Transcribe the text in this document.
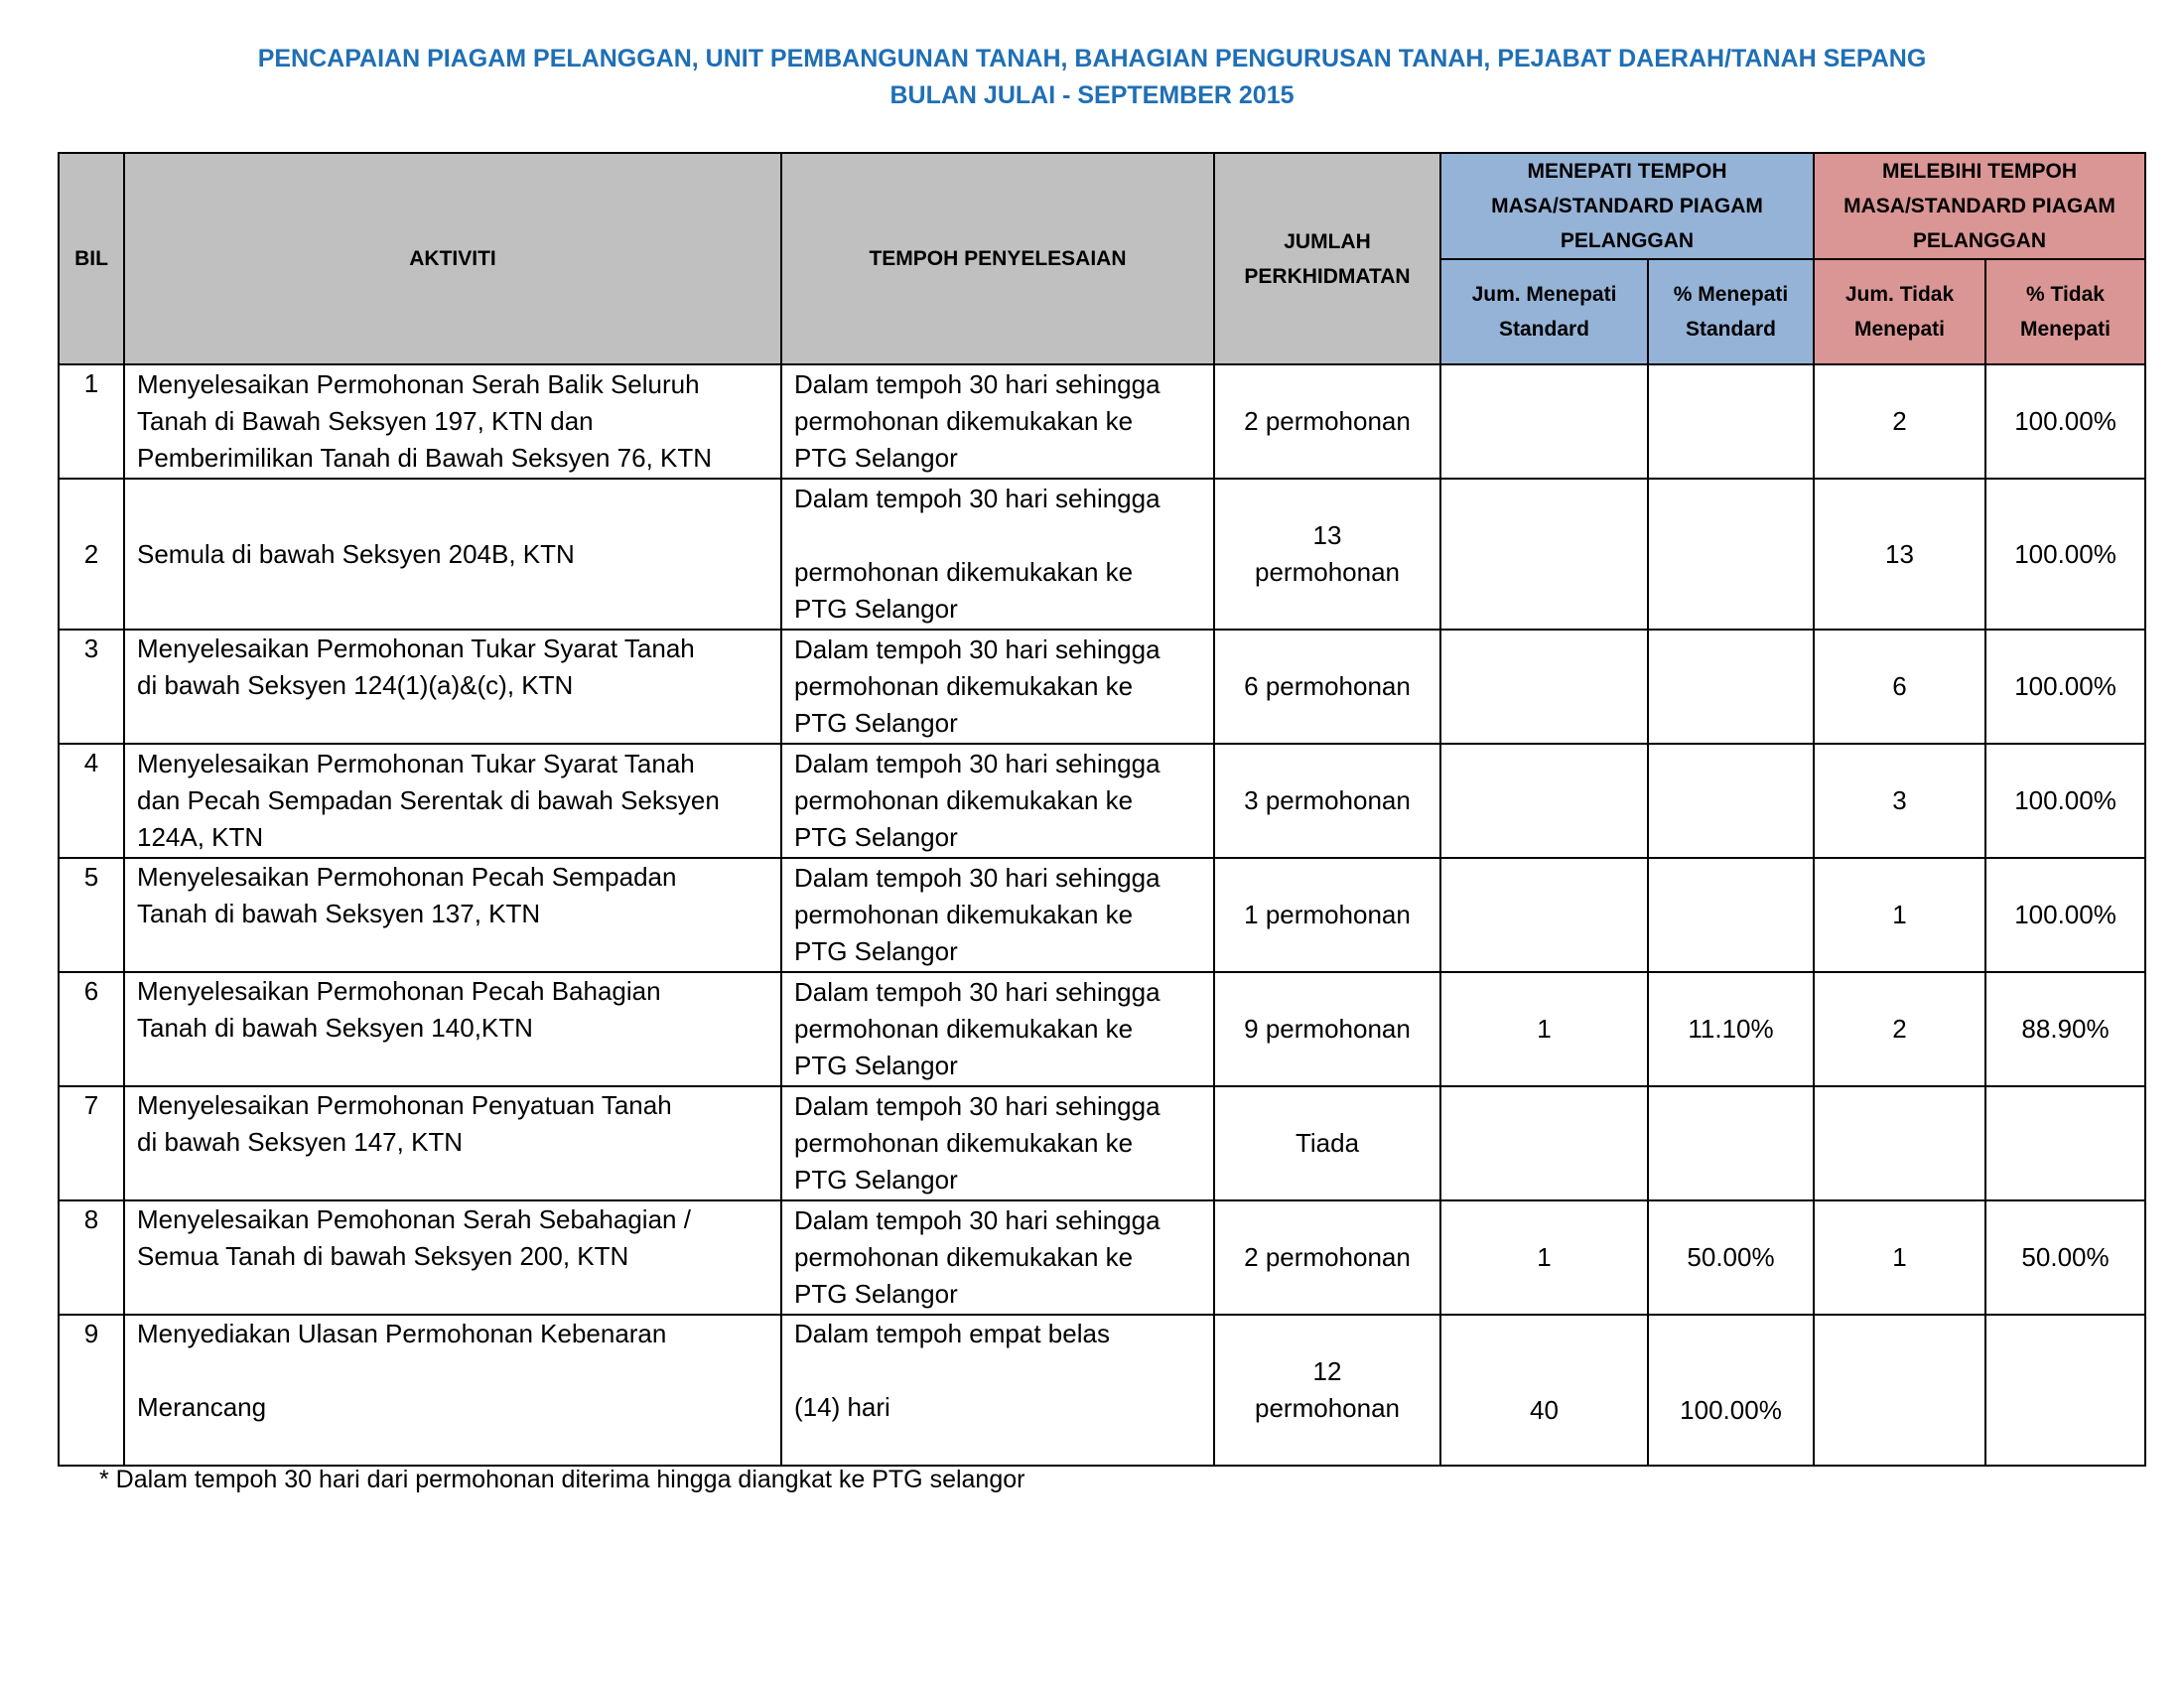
PENCAPAIAN PIAGAM PELANGGAN, UNIT PEMBANGUNAN TANAH, BAHAGIAN PENGURUSAN TANAH, PEJABAT DAERAH/TANAH SEPANG
BULAN JULAI - SEPTEMBER 2015
BIL	AKTIVITI	TEMPOH PENYELESAIAN	JUMLAH PERKHIDMATAN	MENEPATI TEMPOH MASA/STANDARD PIAGAM PELANGGAN		MELEBIHI TEMPOH MASA/STANDARD PIAGAM PELANGGAN	
				Jum. Menepati Standard	% Menepati Standard	Jum. Tidak Menepati	% Tidak Menepati
1	Menyelesaikan Permohonan Serah Balik Seluruh
Tanah di Bawah Seksyen 197, KTN dan
Pemberimilikan Tanah di Bawah Seksyen 76, KTN	Dalam tempoh 30 hari sehingga
permohonan dikemukakan ke
PTG Selangor	2 permohonan			2	100.00%
2	Semula di bawah Seksyen 204B, KTN	Dalam tempoh 30 hari sehingga

permohonan dikemukakan ke
PTG Selangor	13
permohonan			13	100.00%
3	Menyelesaikan Permohonan Tukar Syarat Tanah
di bawah Seksyen 124(1)(a)&(c), KTN	Dalam tempoh 30 hari sehingga
permohonan dikemukakan ke
PTG Selangor	6 permohonan			6	100.00%
4	Menyelesaikan Permohonan Tukar Syarat Tanah
dan Pecah Sempadan Serentak di bawah Seksyen
124A, KTN	Dalam tempoh 30 hari sehingga
permohonan dikemukakan ke
PTG Selangor	3 permohonan			3	100.00%
5	Menyelesaikan Permohonan Pecah Sempadan
Tanah di bawah Seksyen 137, KTN	Dalam tempoh 30 hari sehingga
permohonan dikemukakan ke
PTG Selangor	1 permohonan			1	100.00%
6	Menyelesaikan Permohonan Pecah Bahagian
Tanah di bawah Seksyen 140,KTN	Dalam tempoh 30 hari sehingga
permohonan dikemukakan ke
PTG Selangor	9 permohonan	1	11.10%	2	88.90%
7	Menyelesaikan Permohonan Penyatuan Tanah
di bawah Seksyen 147, KTN	Dalam tempoh 30 hari sehingga
permohonan dikemukakan ke
PTG Selangor	Tiada				
8	Menyelesaikan Pemohonan Serah Sebahagian /
Semua Tanah di bawah Seksyen 200, KTN	Dalam tempoh 30 hari sehingga
permohonan dikemukakan ke
PTG Selangor	2 permohonan	1	50.00%	1	50.00%
9	Menyediakan Ulasan Permohonan Kebenaran

Merancang	Dalam tempoh empat belas

(14) hari	12
permohonan	40	100.00%		
* Dalam tempoh 30 hari dari permohonan diterima hingga diangkat ke PTG selangor
